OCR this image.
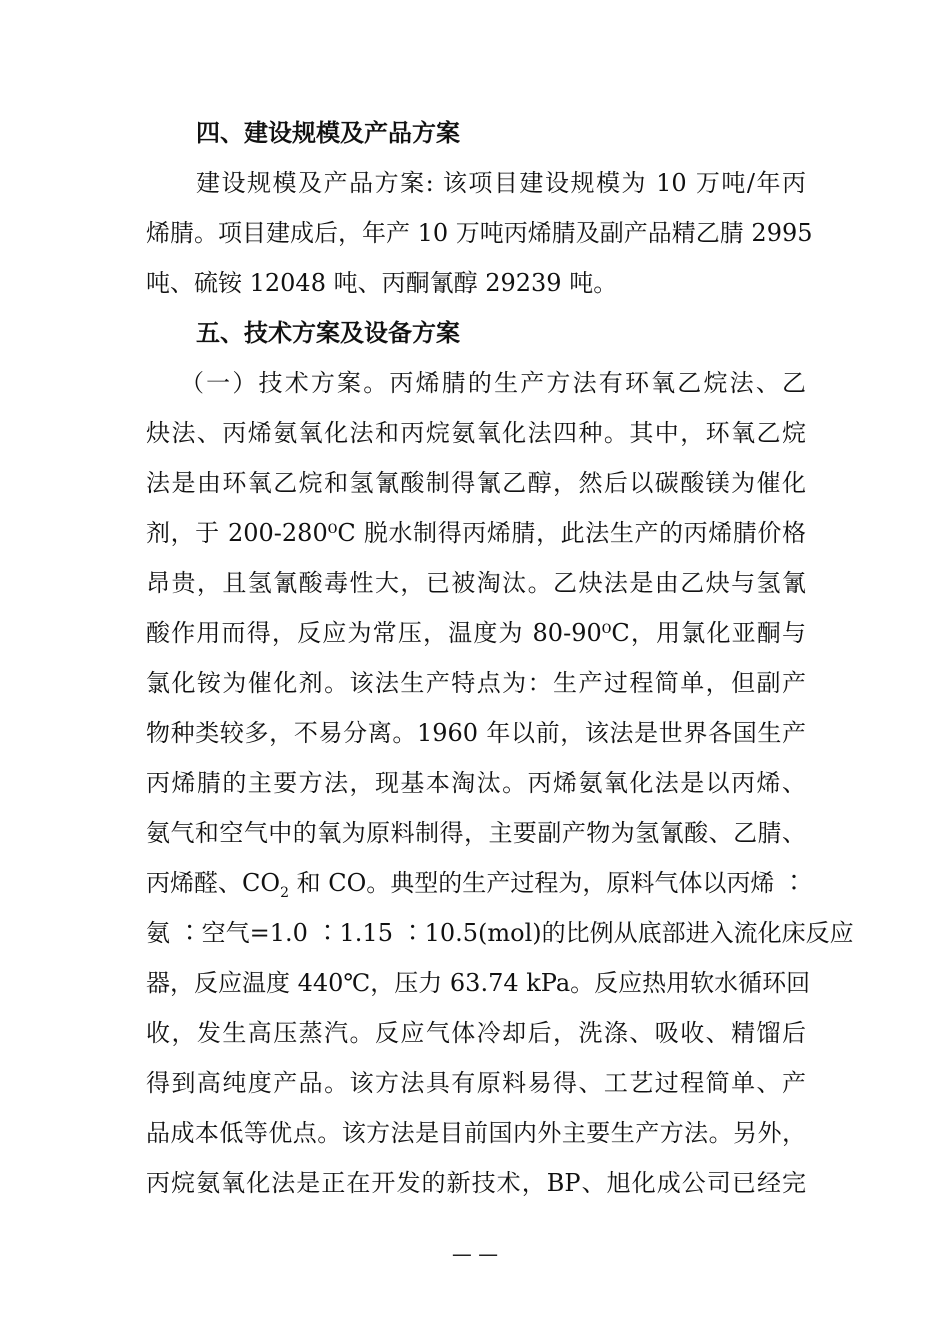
四、建设规模及产品方案
建设规模及产品方案: 该项目建设规模为 10 万吨/年丙
烯腈。项目建成后，年产 10 万吨丙烯腈及副产品精乙腈 2995
吨、硫铵 12048 吨、丙酮氰醇 29239 吨。
五、技术方案及设备方案
（一）技术方案。丙烯腈的生产方法有环氧乙烷法、乙
炔法、丙烯氨氧化法和丙烷氨氧化法四种。其中，环氧乙烷
法是由环氧乙烷和氢氰酸制得氰乙醇，然后以碳酸镁为催化
剂，于 200-280⁰C 脱水制得丙烯腈，此法生产的丙烯腈价格
昂贵，且氢氰酸毒性大，已被淘汰。乙炔法是由乙炔与氢氰
酸作用而得，反应为常压，温度为 80-90⁰C，用氯化亚酮与
氯化铵为催化剂。该法生产特点为：生产过程简单，但副产
物种类较多，不易分离。1960 年以前，该法是世界各国生产
丙烯腈的主要方法，现基本淘汰。丙烯氨氧化法是以丙烯、
氨气和空气中的氧为原料制得，主要副产物为氢氰酸、乙腈、
丙烯醛、$CO_2$ 和 CO。典型的生产过程为，原料气体以丙烯 ∶
氨 ∶空气=1.0 ∶1.15 ∶10.5(mol)的比例从底部进入流化床反应
器，反应温度 440℃，压力 63.74 kPa。反应热用软水循环回
收，发生高压蒸汽。反应气体冷却后，洗涤、吸收、精馏后
得到高纯度产品。该方法具有原料易得、工艺过程简单、产
品成本低等优点。该方法是目前国内外主要生产方法。另外，
丙烷氨氧化法是正在开发的新技术，BP、旭化成公司已经完
— —
